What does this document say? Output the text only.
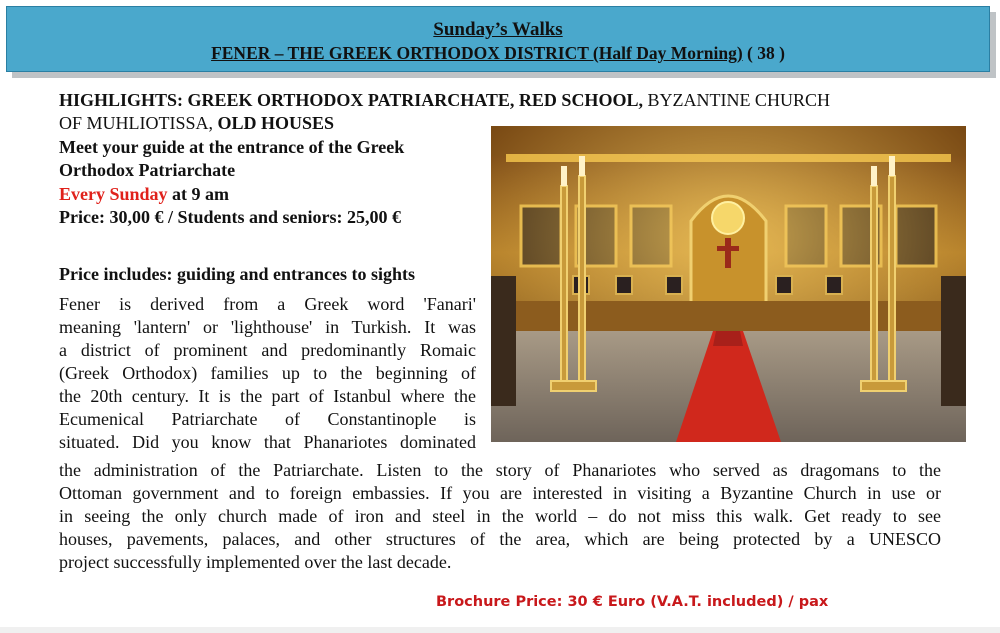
Sunday’s Walks
FENER – THE GREEK ORTHODOX DISTRICT (Half Day Morning) ( 38 )
HIGHLIGHTS: GREEK ORTHODOX PATRIARCHATE, RED SCHOOL, BYZANTINE CHURCH
OF MUHLIOTISSA, OLD HOUSES
Meet your guide at the entrance of the Greek
Orthodox Patriarchate
Every Sunday at 9 am
Price: 30,00 € / Students and seniors: 25,00 €
Price includes: guiding and entrances to sights
Fener is derived from a Greek word 'Fanari'
meaning 'lantern' or 'lighthouse' in Turkish. It was
a district of prominent and predominantly Romaic
(Greek Orthodox) families up to the beginning of
the 20th century. It is the part of Istanbul where the
Ecumenical Patriarchate of Constantinople is
situated. Did you know that Phanariotes dominated
the administration of the Patriarchate. Listen to the story of Phanariotes who served as dragomans to the
Ottoman government and to foreign embassies. If you are interested in visiting a Byzantine Church in use or
in seeing the only church made of iron and steel in the world – do not miss this walk. Get ready to see
houses, pavements, palaces, and other structures of the area, which are being protected by a UNESCO
project successfully implemented over the last decade.
Brochure Price: 30 € Euro (V.A.T. included) / pax
